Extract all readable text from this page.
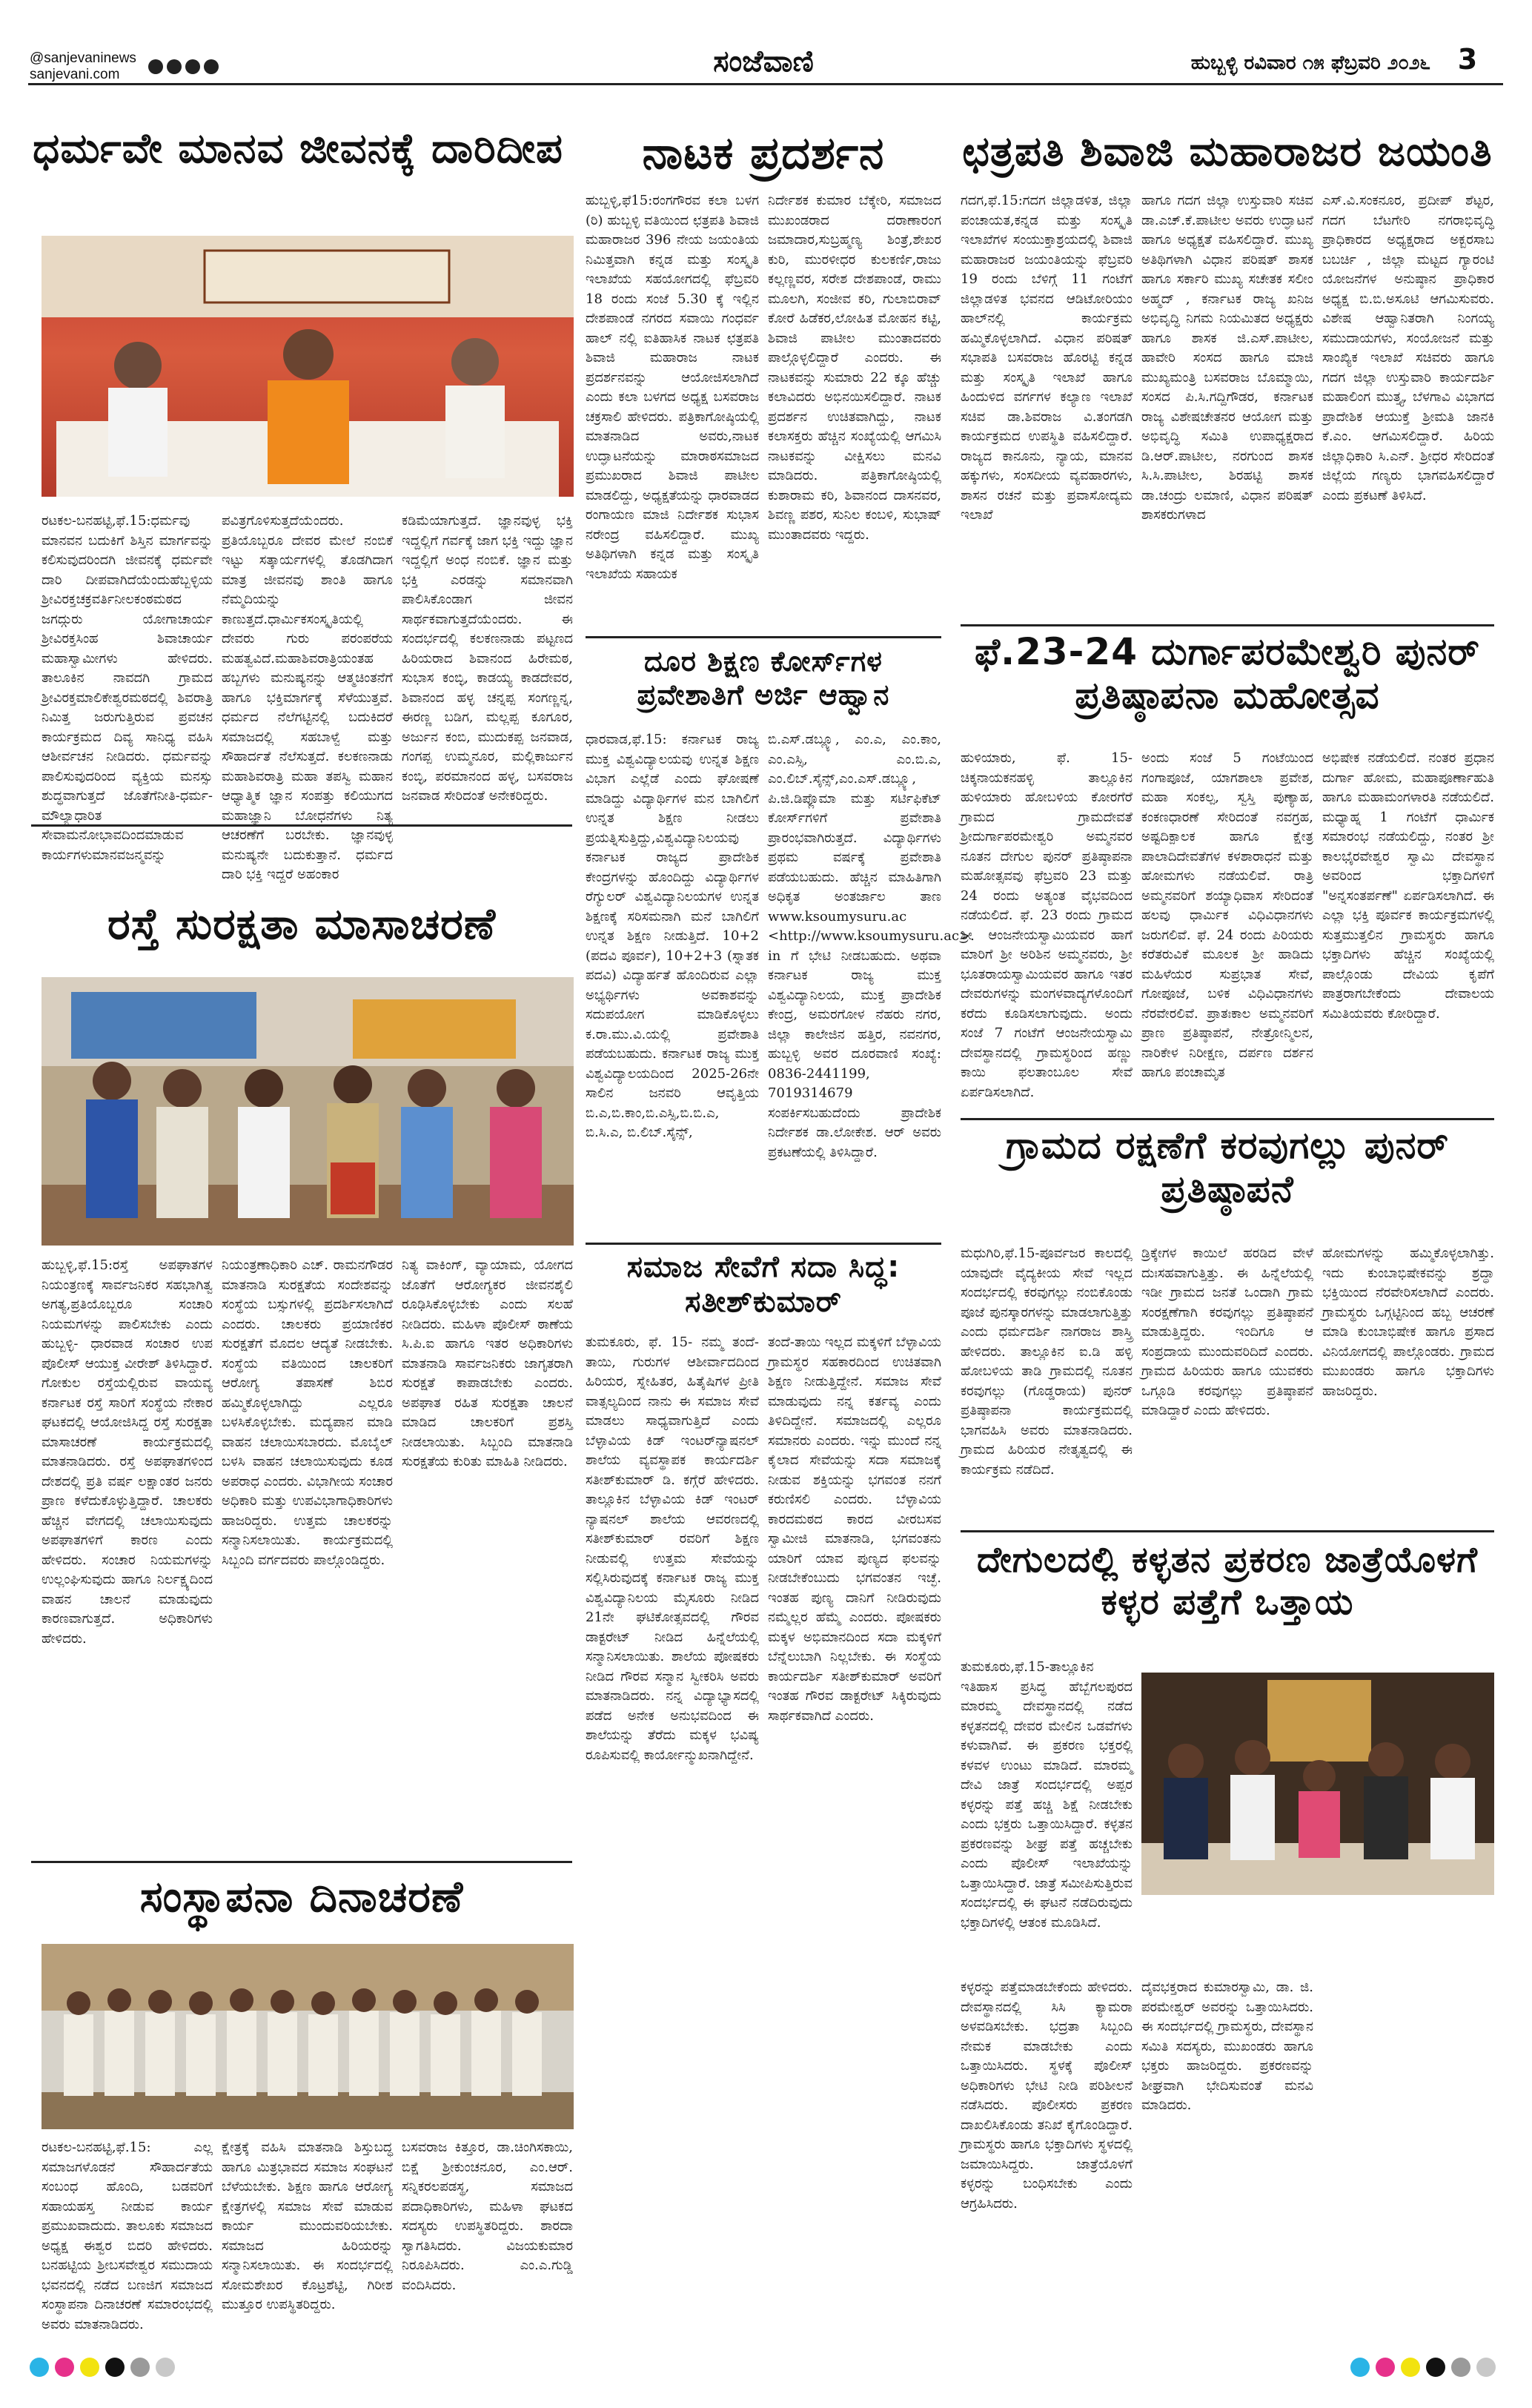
@sanjevaninews
sanjevani.com	ಸಂಜೆವಾಣಿ	ಹುಬ್ಬಳ್ಳಿ ರವಿವಾರ ೧೫ ಫೆಬ್ರವರಿ ೨೦೨೬ 3
ಧರ್ಮವೇ ಮಾನವ ಜೀವನಕ್ಕೆ ದಾರಿದೀಪ
ರಟಕಲ-ಬನಹಟ್ಟಿ,ಫೆ.15:ಧರ್ಮವು ಮಾನವನ ಬದುಕಿಗೆ ಶಿಸ್ತಿನ ಮಾರ್ಗವನ್ನು ಕಲಿಸುವುದರಿಂದಗಿ ಜೀವನಕ್ಕೆ ಧರ್ಮವೇ ದಾರಿ ದೀಪವಾಗಿದೆಯೆಂದುಹೆಬ್ಬಳ್ಳಿಯ ಶ್ರೀವಿರಕ್ತಚಕ್ರವರ್ತಿನೀಲಕಂಠಮಠದ ಜಗದ್ಗುರು ಯೋಗಾಚಾರ್ಯ ಶ್ರೀವಿರಕ್ತಸಿಂಹ ಶಿವಾಚಾರ್ಯ ಮಹಾಸ್ವಾಮೀಗಳು ಹೇಳಿದರು. ತಾಲೂಕಿನ ನಾವದಗಿ ಗ್ರಾಮದ ಶ್ರೀವಿರಕ್ತಮಾಲಿಕೇಶ್ವರಮಠದಲ್ಲಿ ಶಿವರಾತ್ರಿ ನಿಮಿತ್ತ ಜರುಗುತ್ತಿರುವ ಪ್ರವಚನ ಕಾರ್ಯಕ್ರಮದ ದಿವ್ಯ ಸಾನಿಧ್ಯ ವಹಿಸಿ ಆಶೀರ್ವಚನ ನೀಡಿದರು. ಧರ್ಮವನ್ನು ಪಾಲಿಸುವುದರಿಂದ ವ್ಯಕ್ತಿಯ ಮನಸ್ಸು ಶುದ್ಧವಾಗುತ್ತದೆ ಜೊತೆಗೆನೀತಿ-ಧರ್ಮ-ಮೌಲ್ಯಾಧಾರಿತ ಸೇವಾಮನೋಭಾವದಿಂದಮಾಡುವ ಕಾರ್ಯಗಳುಮಾನವಜನ್ಮವನ್ನು
ಪವಿತ್ರಗೊಳಿಸುತ್ತದೆಯೆಂದರು. ಪ್ರತಿಯೊಬ್ಬರೂ ದೇವರ ಮೇಲೆ ನಂಬಿಕೆ ಇಟ್ಟು ಸತ್ಕಾರ್ಯಗಳಲ್ಲಿ ತೊಡಗಿದಾಗ ಮಾತ್ರ ಜೀವನವು ಶಾಂತಿ ಹಾಗೂ ನೆಮ್ಮದಿಯನ್ನು ಕಾಣುತ್ತದೆ.ಧಾರ್ಮಿಕಸಂಸ್ಕೃತಿಯಲ್ಲಿ ದೇವರು ಗುರು ಪರಂಪರೆಯ ಮಹತ್ವವಿದೆ.ಮಹಾಶಿವರಾತ್ರಿಯಂತಹ ಹಬ್ಬಗಳು ಮನುಷ್ಯನನ್ನು ಆತ್ಮಚಿಂತನೆಗೆ ಹಾಗೂ ಭಕ್ತಿಮಾರ್ಗಕ್ಕೆ ಸೆಳೆಯುತ್ತವೆ. ಧರ್ಮದ ನೆಲೆಗಟ್ಟಿನಲ್ಲಿ ಬದುಕಿದರೆ ಸಮಾಜದಲ್ಲಿ ಸಹಬಾಳ್ವೆ ಮತ್ತು ಸೌಹಾರ್ದತೆ ನೆಲೆಸುತ್ತದೆ. ಕಲಕಣನಾಡು ಮಹಾಶಿವರಾತ್ರಿ ಮಹಾ ತಪಸ್ವಿ ಮಹಾನ ಆಧ್ಯಾತ್ಮಿಕ ಜ್ಞಾನ ಸಂಪತ್ತು ಕಲಿಯುಗದ ಮಹಾಜ್ಞಾನಿ ಬೋಧನೆಗಳು ನಿತ್ಯ ಆಚರಣೆಗೆ ಬರಬೇಕು. ಜ್ಞಾನವುಳ್ಳ ಮನುಷ್ಯನೇ ಬದುಕುತ್ತಾನೆ. ಧರ್ಮದ ದಾರಿ ಭಕ್ತಿ ಇದ್ದರೆ ಅಹಂಕಾರ
ಕಡಿಮೆಯಾಗುತ್ತದೆ. ಜ್ಞಾನವುಳ್ಳ ಭಕ್ತಿ ಇದ್ದಲ್ಲಿಗೆ ಗರ್ವಕ್ಕೆ ಜಾಗ ಭಕ್ತಿ ಇದ್ದು ಜ್ಞಾನ ಇದ್ದಲ್ಲಿಗೆ ಅಂಧ ನಂಬಿಕೆ. ಜ್ಞಾನ ಮತ್ತು ಭಕ್ತಿ ಎರಡನ್ನು ಸಮಾನವಾಗಿ ಪಾಲಿಸಿಕೊಂಡಾಗ ಜೀವನ ಸಾರ್ಥಕವಾಗುತ್ತದೆಯೆಂದರು. ಈ ಸಂದರ್ಭದಲ್ಲಿ ಕಲಕಣನಾಡು ಪಟ್ಟಣದ ಹಿರಿಯರಾದ ಶಿವಾನಂದ ಹಿರೇಮಠ, ಸುಭಾಸ ಕಂಬ್ಳಿ, ಕಾಡಯ್ಯ ಕಾಡದೇವರ, ಶಿವಾನಂದ ಹಳ್ಳ ಚನ್ನಪ್ಪ ಸಂಗಣ್ಣನ್ನ, ಈರಣ್ಣ ಬಡಿಗ, ಮಲ್ಲಪ್ಪ ಕೂಗೂರ, ಅರ್ಜುನ ಕಂಬಿ, ಮುದುಕಪ್ಪ ಜನವಾಡ, ಗಂಗಪ್ಪ ಉಮ್ಮನೂರ, ಮಲ್ಲಿಕಾರ್ಜುನ ಕಂಬ್ಳಿ, ಪರಮಾನಂದ ಹಳ್ಳ, ಬಸವರಾಜ ಜನವಾಡ ಸೇರಿದಂತೆ ಅನೇಕರಿದ್ದರು.
ನಾಟಕ ಪ್ರದರ್ಶನ
ಹುಬ್ಬಳ್ಳಿ,ಫೆ15:ರಂಗಗೌರವ ಕಲಾ ಬಳಗ (ರಿ) ಹುಬ್ಬಳ್ಳಿ ವತಿಯಿಂದ ಛತ್ರಪತಿ ಶಿವಾಜಿ ಮಹಾರಾಜರ 396 ನೇಯ ಜಯಂತಿಯ ನಿಮಿತ್ತವಾಗಿ ಕನ್ನಡ ಮತ್ತು ಸಂಸ್ಕೃತಿ ಇಲಾಖೆಯ ಸಹಯೋಗದಲ್ಲಿ ಫೆಬ್ರವರಿ 18 ರಂದು ಸಂಜೆ 5.30 ಕ್ಕೆ ಇಲ್ಲಿನ ದೇಶಪಾಂಡೆ ನಗರದ ಸವಾಯಿ ಗಂಧರ್ವ ಹಾಲ್ ನಲ್ಲಿ ಐತಿಹಾಸಿಕ ನಾಟಕ ಛತ್ರಪತಿ ಶಿವಾಜಿ ಮಹಾರಾಜ ನಾಟಕ ಪ್ರದರ್ಶನವನ್ನು ಆಯೋಜಿಸಲಾಗಿದೆ ಎಂದು ಕಲಾ ಬಳಗದ ಅಧ್ಯಕ್ಷ ಬಸವರಾಜ ಚಕ್ರಸಾಲಿ ಹೇಳಿದರು. ಪತ್ರಿಕಾಗೋಷ್ಠಿಯಲ್ಲಿ ಮಾತನಾಡಿದ ಅವರು,ನಾಟಕ ಉದ್ಘಾಟನೆಯನ್ನು ಮಾರಾಠಸಮಾಜದ ಪ್ರಮುಖರಾದ ಶಿವಾಜಿ ಪಾಟೀಲ ಮಾಡಲಿದ್ದು, ಅಧ್ಯಕ್ಷತೆಯನ್ನು ಧಾರವಾಡದ ರಂಗಾಯಣ ಮಾಜಿ ನಿರ್ದೇಶಕ ಸುಭಾಸ ನರೇಂದ್ರ ವಹಿಸಲಿದ್ದಾರೆ. ಮುಖ್ಯ ಅತಿಥಿಗಳಾಗಿ ಕನ್ನಡ ಮತ್ತು ಸಂಸ್ಕೃತಿ ಇಲಾಖೆಯ ಸಹಾಯಕ
ನಿರ್ದೇಶಕ ಕುಮಾರ ಬೆಕ್ಕೇರಿ, ಸಮಾಜದ ಮುಖಂಡರಾದ ದರಾಣಾರಂಗ ಜಮಾದಾರ,ಸುಬ್ರಹ್ಮಣ್ಯ ಶಿಂತ್ರೆ,ಶೇಖರ ಕುರಿ, ಮುರಳೀಧರ ಕುಲಕರ್ಣಿ,ರಾಜು ಕಲ್ಲಣ್ಣವರ, ಸರೇಶ ದೇಶಪಾಂಡೆ, ರಾಮು ಮೂಲಗಿ, ಸಂಜೀವ ಕರಿ, ಗುಲಾಬಿರಾವ್ ಕೋರೆ ಹಿಡೆಕರ,ಲೋಹಿತ ಮೋಹನ ಕಟ್ಟಿ, ಶಿವಾಜಿ ಪಾಟೀಲ ಮುಂತಾದವರು ಪಾಲ್ಗೊಳ್ಳಲಿದ್ದಾರೆ ಎಂದರು. ಈ ನಾಟಕವನ್ನು ಸುಮಾರು 22 ಕ್ಕೂ ಹೆಚ್ಚು ಕಲಾವಿದರು ಅಭಿನಯಿಸಲಿದ್ದಾರೆ. ನಾಟಕ ಪ್ರದರ್ಶನ ಉಚಿತವಾಗಿದ್ದು, ನಾಟಕ ಕಲಾಸಕ್ತರು ಹೆಚ್ಚಿನ ಸಂಖ್ಯೆಯಲ್ಲಿ ಆಗಮಿಸಿ ನಾಟಕವನ್ನು ವೀಕ್ಷಿಸಲು ಮನವಿ ಮಾಡಿದರು. ಪತ್ರಿಕಾಗೋಷ್ಠಿಯಲ್ಲಿ ಕುಶಾರಾಮ ಕರಿ, ಶಿವಾನಂದ ದಾಸನವರ, ಶಿವಣ್ಣ ಪಶರ, ಸುನಿಲ ಕಂಬಳಿ, ಸುಭಾಷ್ ಮುಂತಾದವರು ಇದ್ದರು.
ಛತ್ರಪತಿ ಶಿವಾಜಿ ಮಹಾರಾಜರ ಜಯಂತಿ
ಗದಗ,ಫೆ.15:ಗದಗ ಜಿಲ್ಲಾಡಳಿತ, ಜಿಲ್ಲಾ ಪಂಚಾಯತ,ಕನ್ನಡ ಮತ್ತು ಸಂಸ್ಕೃತಿ ಇಲಾಖೆಗಳ ಸಂಯುಕ್ತಾಶ್ರಯದಲ್ಲಿ ಶಿವಾಜಿ ಮಹಾರಾಜರ ಜಯಂತಿಯನ್ನು ಫೆಬ್ರವರಿ 19 ರಂದು ಬೆಳಿಗ್ಗೆ 11 ಗಂಟೆಗೆ ಜಿಲ್ಲಾಡಳಿತ ಭವನದ ಆಡಿಟೋರಿಯಂ ಹಾಲ್‌ನಲ್ಲಿ ಕಾರ್ಯಕ್ರಮ ಹಮ್ಮಿಕೊಳ್ಳಲಾಗಿದೆ. ವಿಧಾನ ಪರಿಷತ್ ಸಭಾಪತಿ ಬಸವರಾಜ ಹೊರಟ್ಟಿ ಕನ್ನಡ ಮತ್ತು ಸಂಸ್ಕೃತಿ ಇಲಾಖೆ ಹಾಗೂ ಹಿಂದುಳಿದ ವರ್ಗಗಳ ಕಲ್ಯಾಣ ಇಲಾಖೆ ಸಚಿವ ಡಾ.ಶಿವರಾಜ ವಿ.ತಂಗಡಗಿ ಕಾರ್ಯಕ್ರಮದ ಉಪಸ್ಥಿತಿ ವಹಿಸಲಿದ್ದಾರೆ. ರಾಜ್ಯದ ಕಾನೂನು, ನ್ಯಾಯ, ಮಾನವ ಹಕ್ಕುಗಳು, ಸಂಸದೀಯ ವ್ಯವಹಾರಗಳು, ಶಾಸನ ರಚನೆ ಮತ್ತು ಪ್ರವಾಸೋದ್ಯಮ ಇಲಾಖೆ
ಹಾಗೂ ಗದಗ ಜಿಲ್ಲಾ ಉಸ್ತುವಾರಿ ಸಚಿವ ಡಾ.ಎಚ್.ಕೆ.ಪಾಟೀಲ ಅವರು ಉದ್ಘಾಟನೆ ಹಾಗೂ ಅಧ್ಯಕ್ಷತೆ ವಹಿಸಲಿದ್ದಾರೆ. ಮುಖ್ಯ ಅತಿಥಿಗಳಾಗಿ ವಿಧಾನ ಪರಿಷತ್ ಶಾಸಕ ಹಾಗೂ ಸರ್ಕಾರಿ ಮುಖ್ಯ ಸಚೇತಕ ಸಲೀಂ ಅಹ್ಮದ್ , ಕರ್ನಾಟಕ ರಾಜ್ಯ ಖನಿಜ ಅಭಿವೃದ್ಧಿ ನಿಗಮ ನಿಯಮಿತದ ಅಧ್ಯಕ್ಷರು ಹಾಗೂ ಶಾಸಕ ಜಿ.ಎಸ್.ಪಾಟೀಲ, ಹಾವೇರಿ ಸಂಸದ ಹಾಗೂ ಮಾಜಿ ಮುಖ್ಯಮಂತ್ರಿ ಬಸವರಾಜ ಬೊಮ್ಮಾಯಿ, ಸಂಸದ ಪಿ.ಸಿ.ಗದ್ದಿಗೌಡರ, ಕರ್ನಾಟಕ ರಾಜ್ಯ ವಿಶೇಷಚೇತನರ ಆಯೋಗ ಮತ್ತು ಅಭಿವೃದ್ಧಿ ಸಮಿತಿ ಉಪಾಧ್ಯಕ್ಷರಾದ ಡಿ.ಆರ್.ಪಾಟೀಲ, ನರಗುಂದ ಶಾಸಕ ಸಿ.ಸಿ.ಪಾಟೀಲ, ಶಿರಹಟ್ಟಿ ಶಾಸಕ ಡಾ.ಚಂದ್ರು ಲಮಾಣಿ, ವಿಧಾನ ಪರಿಷತ್ ಶಾಸಕರುಗಳಾದ
ಎಸ್.ವಿ.ಸಂಕನೂರ, ಪ್ರದೀಪ್ ಶೆಟ್ಟರ, ಗದಗ ಬೆಟಗೇರಿ ನಗರಾಭಿವೃದ್ಧಿ ಪ್ರಾಧಿಕಾರದ ಅಧ್ಯಕ್ಷರಾದ ಅಕ್ಬರಸಾಬ ಬಬರ್ಚಿ , ಜಿಲ್ಲಾ ಮಟ್ಟದ ಗ್ಯಾರಂಟಿ ಯೋಜನೆಗಳ ಅನುಷ್ಠಾನ ಪ್ರಾಧಿಕಾರ ಅಧ್ಯಕ್ಷ ಬಿ.ಬಿ.ಅಸೂಟಿ ಆಗಮಿಸುವರು. ವಿಶೇಷ ಆಹ್ವಾನಿತರಾಗಿ ನಿಂಗಯ್ಯ ಸಮುದಾಯಗಳು, ಸಂಯೋಜನೆ ಮತ್ತು ಸಾಂಖ್ಯಿಕ ಇಲಾಖೆ ಸಚಿವರು ಹಾಗೂ ಗದಗ ಜಿಲ್ಲಾ ಉಸ್ತುವಾರಿ ಕಾರ್ಯದರ್ಶಿ ಮಹಾಲಿಂಗ ಮುತ್ತ್ಯ, ಬೆಳಗಾವಿ ವಿಭಾಗದ ಪ್ರಾದೇಶಿಕ ಆಯುಕ್ತೆ ಶ್ರೀಮತಿ ಜಾನಕಿ ಕೆ.ಎಂ. ಆಗಮಿಸಲಿದ್ದಾರೆ. ಹಿರಿಯ ಜಿಲ್ಲಾಧಿಕಾರಿ ಸಿ.ಎನ್. ಶ್ರೀಧರ ಸೇರಿದಂತೆ ಜಿಲ್ಲೆಯ ಗಣ್ಯರು ಭಾಗವಹಿಸಲಿದ್ದಾರೆ ಎಂದು ಪ್ರಕಟಣೆ ತಿಳಿಸಿದೆ.
ದೂರ ಶಿಕ್ಷಣ ಕೋರ್ಸ್‌ಗಳ ಪ್ರವೇಶಾತಿಗೆ ಅರ್ಜಿ ಆಹ್ವಾನ
ಧಾರವಾಡ,ಫೆ.15: ಕರ್ನಾಟಕ ರಾಜ್ಯ ಮುಕ್ತ ವಿಶ್ವವಿದ್ಯಾಲಯವು ಉನ್ನತ ಶಿಕ್ಷಣ ವಿಭಾಗ ಎಲ್ಲೆಡೆ ಎಂದು ಘೋಷಣೆ ಮಾಡಿದ್ದು ವಿದ್ಯಾರ್ಥಿಗಳ ಮನ ಬಾಗಿಲಿಗೆ ಉನ್ನತ ಶಿಕ್ಷಣ ನೀಡಲು ಪ್ರಯತ್ನಿಸುತ್ತಿದ್ದು,ವಿಶ್ವವಿದ್ಯಾನಿಲಯವು ಕರ್ನಾಟಕ ರಾಜ್ಯದ ಪ್ರಾದೇಶಿಕ ಕೇಂದ್ರಗಳನ್ನು ಹೊಂದಿದ್ದು ವಿದ್ಯಾರ್ಥಿಗಳ ರೆಗ್ಯುಲರ್ ವಿಶ್ವವಿದ್ಯಾನಿಲಯಗಳ ಉನ್ನತ ಶಿಕ್ಷಣಕ್ಕೆ ಸರಿಸಮನಾಗಿ ಮನೆ ಬಾಗಿಲಿಗೆ ಉನ್ನತ ಶಿಕ್ಷಣ ನೀಡುತ್ತಿದೆ. 10+2 (ಪದವಿ ಪೂರ್ವ), 10+2+3 (ಸ್ನಾತಕ ಪದವಿ) ವಿದ್ಯಾರ್ಹತೆ ಹೊಂದಿರುವ ಎಲ್ಲಾ ಅಭ್ಯರ್ಥಿಗಳು ಅವಕಾಶವನ್ನು ಸದುಪಯೋಗ ಮಾಡಿಕೊಳ್ಳಲು ಕ.ರಾ.ಮು.ವಿ.ಯಲ್ಲಿ ಪ್ರವೇಶಾತಿ ಪಡೆಯಬಹುದು. ಕರ್ನಾಟಕ ರಾಜ್ಯ ಮುಕ್ತ ವಿಶ್ವವಿದ್ಯಾಲಯದಿಂದ 2025-26ನೇ ಸಾಲಿನ ಜನವರಿ ಆವೃತ್ತಿಯ ಬಿ.ಎ,ಬಿ.ಕಾಂ,ಬಿ.ಎಸ್ಸಿ,ಬಿ.ಬಿ.ಎ, ಬಿ.ಸಿ.ಎ, ಬಿ.ಲಿಬ್.ಸೈನ್ಸ್,
ಬಿ.ಎಸ್.ಡಬ್ಲ್ಯೂ, ಎಂ.ಎ, ಎಂ.ಕಾಂ, ಎಂ.ಎಸ್ಸಿ, ಎಂ.ಬಿ.ಎ, ಎಂ.ಲಿಬ್.ಸೈನ್ಸ್,ಎಂ.ಎಸ್.ಡಬ್ಲ್ಯೂ, ಪಿ.ಜಿ.ಡಿಪ್ಲೊಮಾ ಮತ್ತು ಸರ್ಟಿಫಿಕೆಟ್ ಕೋರ್ಸ್‌ಗಳಿಗೆ ಪ್ರವೇಶಾತಿ ಪ್ರಾರಂಭವಾಗಿರುತ್ತದೆ. ವಿದ್ಯಾರ್ಥಿಗಳು ಪ್ರಥಮ ವರ್ಷಕ್ಕೆ ಪ್ರವೇಶಾತಿ ಪಡೆಯಬಹುದು. ಹೆಚ್ಚಿನ ಮಾಹಿತಿಗಾಗಿ ಅಧಿಕೃತ ಅಂತರ್ಜಾಲ ತಾಣ www.ksoumysuru.ac <http://www.ksoumysuru.ac>. in ಗೆ ಭೇಟಿ ನೀಡಬಹುದು. ಅಥವಾ ಕರ್ನಾಟಕ ರಾಜ್ಯ ಮುಕ್ತ ವಿಶ್ವವಿದ್ಯಾನಿಲಯ, ಮುಕ್ತ ಪ್ರಾದೇಶಿಕ ಕೇಂದ್ರ, ಅಮರಗೋಳ ನೆಹರು ನಗರ, ಜಿಲ್ಲಾ ಕಾಲೇಜಿನ ಹತ್ತಿರ, ನವನಗರ, ಹುಬ್ಬಳ್ಳಿ ಅವರ ದೂರವಾಣಿ ಸಂಖ್ಯೆ: 0836-2441199, 7019314679 ಸಂಪರ್ಕಿಸಬಹುದೆಂದು ಪ್ರಾದೇಶಿಕ ನಿರ್ದೇಶಕ ಡಾ.ಲೋಕೇಶ. ಆರ್ ಅವರು ಪ್ರಕಟಣೆಯಲ್ಲಿ ತಿಳಿಸಿದ್ದಾರೆ.
ಫೆ.23-24 ದುರ್ಗಾಪರಮೇಶ್ವರಿ ಪುನರ್ ಪ್ರತಿಷ್ಠಾಪನಾ ಮಹೋತ್ಸವ
ಹುಳಿಯಾರು, ಫೆ. 15-ಚಿಕ್ಕನಾಯಕನಹಳ್ಳಿ ತಾಲ್ಲೂಕಿನ ಹುಳಿಯಾರು ಹೋಬಳಿಯ ಕೋರಗೆರೆ ಗ್ರಾಮದ ಗ್ರಾಮದೇವತೆ ಶ್ರೀದುರ್ಗಾಪರಮೇಶ್ವರಿ ಅಮ್ಮನವರ ನೂತನ ದೇಗುಲ ಪುನರ್ ಪ್ರತಿಷ್ಠಾಪನಾ ಮಹೋತ್ಸವವು ಫೆಬ್ರವರಿ 23 ಮತ್ತು 24 ರಂದು ಅತ್ಯಂತ ವೈಭವದಿಂದ ನಡೆಯಲಿದೆ. ಫೆ. 23 ರಂದು ಗ್ರಾಮದ ಶ್ರೀ ಆಂಜನೇಯಸ್ವಾಮಿಯವರ ಹಾಗೆ ಮಾರಿಗೆ ಶ್ರೀ ಅರಿಶಿನ ಅಮ್ಮನವರು, ಶ್ರೀ ಭೂತರಾಯಸ್ವಾಮಿಯವರ ಹಾಗೂ ಇತರ ದೇವರುಗಳನ್ನು ಮಂಗಳವಾದ್ಯಗಳೊಂದಿಗೆ ಕರೆದು ಕೂಡಿಸಲಾಗುವುದು. ಅಂದು ಸಂಜೆ 7 ಗಂಟೆಗೆ ಆಂಜನೇಯಸ್ವಾಮಿ ದೇವಸ್ಥಾನದಲ್ಲಿ ಗ್ರಾಮಸ್ಥರಿಂದ ಹಣ್ಣು ಕಾಯಿ ಫಲತಾಂಬೂಲ ಸೇವೆ ಏರ್ಪಡಿಸಲಾಗಿದೆ.
ಅಂದು ಸಂಜೆ 5 ಗಂಟೆಯಿಂದ ಗಂಗಾಪೂಜೆ, ಯಾಗಶಾಲಾ ಪ್ರವೇಶ, ಮಹಾ ಸಂಕಲ್ಪ, ಸ್ವಸ್ತಿ ಪುಣ್ಯಾಹ, ಕಂಕಣಧಾರಣೆ ಸೇರಿದಂತೆ ನವಗ್ರಹ, ಅಷ್ಟದಿಕ್ಪಾಲಕ ಹಾಗೂ ಕ್ಷೇತ್ರ ಪಾಲಾದಿದೇವತೆಗಳ ಕಳಶಾರಾಧನೆ ಮತ್ತು ಹೋಮಗಳು ನಡೆಯಲಿವೆ. ರಾತ್ರಿ ಅಮ್ಮನವರಿಗೆ ಶಯ್ಯಾಧಿವಾಸ ಸೇರಿದಂತೆ ಹಲವು ಧಾರ್ಮಿಕ ವಿಧಿವಿಧಾನಗಳು ಜರುಗಲಿವೆ. ಫೆ. 24 ರಂದು ಪಿರಿಯರು ಕರೆತರುವಿಕೆ ಮೂಲಕ ಶ್ರೀ ಹಾಡಿದು ಮಹಿಳೆಯರ ಸುಪ್ರಭಾತ ಸೇವೆ, ಗೋಪೂಜೆ, ಬಳಿಕ ವಿಧಿವಿಧಾನಗಳು ನೆರವೇರಲಿವೆ. ಪ್ರಾತಃಕಾಲ ಅಮ್ಮನವರಿಗೆ ಪ್ರಾಣ ಪ್ರತಿಷ್ಠಾಪನೆ, ನೇತ್ರೋನ್ಮಿಲನ, ನಾರಿಕೇಳ ನಿರೀಕ್ಷಣ, ದರ್ಪಣ ದರ್ಶನ ಹಾಗೂ ಪಂಚಾಮೃತ
ಅಭಿಷೇಕ ನಡೆಯಲಿದೆ. ನಂತರ ಪ್ರಧಾನ ದುರ್ಗಾ ಹೋಮ, ಮಹಾಪೂರ್ಣಾಹುತಿ ಹಾಗೂ ಮಹಾಮಂಗಳಾರತಿ ನಡೆಯಲಿದೆ. ಮಧ್ಯಾಹ್ನ 1 ಗಂಟೆಗೆ ಧಾರ್ಮಿಕ ಸಮಾರಂಭ ನಡೆಯಲಿದ್ದು, ನಂತರ ಶ್ರೀ ಕಾಲಭೈರವೇಶ್ವರ ಸ್ವಾಮಿ ದೇವಸ್ಥಾನ ಅವರಿಂದ ಭಕ್ತಾದಿಗಳಿಗೆ "ಅನ್ನಸಂತರ್ಪಣೆ" ಏರ್ಪಡಿಸಲಾಗಿದೆ. ಈ ಎಲ್ಲಾ ಭಕ್ತಿ ಪೂರ್ವಕ ಕಾರ್ಯಕ್ರಮಗಳಲ್ಲಿ ಸುತ್ತಮುತ್ತಲಿನ ಗ್ರಾಮಸ್ಥರು ಹಾಗೂ ಭಕ್ತಾದಿಗಳು ಹೆಚ್ಚಿನ ಸಂಖ್ಯೆಯಲ್ಲಿ ಪಾಲ್ಗೊಂಡು ದೇವಿಯ ಕೃಪೆಗೆ ಪಾತ್ರರಾಗಬೇಕೆಂದು ದೇವಾಲಯ ಸಮಿತಿಯವರು ಕೋರಿದ್ದಾರೆ.
ರಸ್ತೆ ಸುರಕ್ಷತಾ ಮಾಸಾಚರಣೆ
ಹುಬ್ಬಳ್ಳಿ,ಫೆ.15:ರಸ್ತೆ ಅಪಘಾತಗಳ ನಿಯಂತ್ರಣಕ್ಕೆ ಸಾರ್ವಜನಿಕರ ಸಹಭಾಗಿತ್ವ ಅಗತ್ಯ,ಪ್ರತಿಯೊಬ್ಬರೂ ಸಂಚಾರಿ ನಿಯಮಗಳನ್ನು ಪಾಲಿಸಬೇಕು ಎಂದು ಹುಬ್ಬಳ್ಳಿ- ಧಾರವಾಡ ಸಂಚಾರ ಉಪ ಪೊಲೀಸ್ ಆಯುಕ್ತ ವೀರೇಶ್ ತಿಳಿಸಿದ್ದಾರೆ. ಗೋಕುಲ ರಸ್ತೆಯಲ್ಲಿರುವ ವಾಯವ್ಯ ಕರ್ನಾಟಕ ರಸ್ತೆ ಸಾರಿಗೆ ಸಂಸ್ಥೆಯ ನೇಕಾರ ಘಟಕದಲ್ಲಿ ಆಯೋಜಿಸಿದ್ದ ರಸ್ತೆ ಸುರಕ್ಷತಾ ಮಾಸಾಚರಣೆ ಕಾರ್ಯಕ್ರಮದಲ್ಲಿ ಮಾತನಾಡಿದರು. ರಸ್ತೆ ಅಪಘಾತಗಳಿಂದ ದೇಶದಲ್ಲಿ ಪ್ರತಿ ವರ್ಷ ಲಕ್ಷಾಂತರ ಜನರು ಪ್ರಾಣ ಕಳೆದುಕೊಳ್ಳುತ್ತಿದ್ದಾರೆ. ಚಾಲಕರು ಹೆಚ್ಚಿನ ವೇಗದಲ್ಲಿ ಚಲಾಯಿಸುವುದು ಅಪಘಾತಗಳಿಗೆ ಕಾರಣ ಎಂದು ಹೇಳಿದರು. ಸಂಚಾರ ನಿಯಮಗಳನ್ನು ಉಲ್ಲಂಘಿಸುವುದು ಹಾಗೂ ನಿರ್ಲಕ್ಷ್ಯದಿಂದ ವಾಹನ ಚಾಲನೆ ಮಾಡುವುದು ಕಾರಣವಾಗುತ್ತದೆ. ಅಧಿಕಾರಿಗಳು ಹೇಳಿದರು.
ನಿಯಂತ್ರಣಾಧಿಕಾರಿ ಎಚ್. ರಾಮನಗೌಡರ ಮಾತನಾಡಿ ಸುರಕ್ಷತೆಯ ಸಂದೇಶವನ್ನು ಸಂಸ್ಥೆಯ ಬಸ್ಸುಗಳಲ್ಲಿ ಪ್ರದರ್ಶಿಸಲಾಗಿದೆ ಎಂದರು. ಚಾಲಕರು ಪ್ರಯಾಣಿಕರ ಸುರಕ್ಷತೆಗೆ ಮೊದಲ ಆದ್ಯತೆ ನೀಡಬೇಕು. ಸಂಸ್ಥೆಯ ವತಿಯಿಂದ ಚಾಲಕರಿಗೆ ಆರೋಗ್ಯ ತಪಾಸಣೆ ಶಿಬಿರ ಹಮ್ಮಿಕೊಳ್ಳಲಾಗಿದ್ದು ಎಲ್ಲರೂ ಬಳಸಿಕೊಳ್ಳಬೇಕು. ಮದ್ಯಪಾನ ಮಾಡಿ ವಾಹನ ಚಲಾಯಿಸಬಾರದು. ಮೊಬೈಲ್ ಬಳಸಿ ವಾಹನ ಚಲಾಯಿಸುವುದು ಕೂಡ ಅಪರಾಧ ಎಂದರು. ವಿಭಾಗೀಯ ಸಂಚಾರ ಅಧಿಕಾರಿ ಮತ್ತು ಉಪವಿಭಾಗಾಧಿಕಾರಿಗಳು ಹಾಜರಿದ್ದರು. ಉತ್ತಮ ಚಾಲಕರನ್ನು ಸನ್ಮಾನಿಸಲಾಯಿತು. ಕಾರ್ಯಕ್ರಮದಲ್ಲಿ ಸಿಬ್ಬಂದಿ ವರ್ಗದವರು ಪಾಲ್ಗೊಂಡಿದ್ದರು.
ನಿತ್ಯ ವಾಕಿಂಗ್, ವ್ಯಾಯಾಮ, ಯೋಗದ ಜೊತೆಗೆ ಆರೋಗ್ಯಕರ ಜೀವನಶೈಲಿ ರೂಢಿಸಿಕೊಳ್ಳಬೇಕು ಎಂದು ಸಲಹೆ ನೀಡಿದರು. ಮಹಿಳಾ ಪೊಲೀಸ್ ಠಾಣೆಯ ಸಿ.ಪಿ.ಐ ಹಾಗೂ ಇತರ ಅಧಿಕಾರಿಗಳು ಮಾತನಾಡಿ ಸಾರ್ವಜನಿಕರು ಜಾಗೃತರಾಗಿ ಸುರಕ್ಷತೆ ಕಾಪಾಡಬೇಕು ಎಂದರು. ಅಪಘಾತ ರಹಿತ ಸುರಕ್ಷತಾ ಚಾಲನೆ ಮಾಡಿದ ಚಾಲಕರಿಗೆ ಪ್ರಶಸ್ತಿ ನೀಡಲಾಯಿತು. ಸಿಬ್ಬಂದಿ ಮಾತನಾಡಿ ಸುರಕ್ಷತೆಯ ಕುರಿತು ಮಾಹಿತಿ ನೀಡಿದರು.
ಸಮಾಜ ಸೇವೆಗೆ ಸದಾ ಸಿದ್ಧ: ಸತೀಶ್‌ಕುಮಾರ್
ತುಮಕೂರು, ಫೆ. 15- ನಮ್ಮ ತಂದೆ-ತಾಯಿ, ಗುರುಗಳ ಆಶೀರ್ವಾದದಿಂದ ಹಿರಿಯರ, ಸ್ನೇಹಿತರ, ಹಿತೈಷಿಗಳ ಪ್ರೀತಿ ವಾತ್ಸಲ್ಯದಿಂದ ನಾನು ಈ ಸಮಾಜ ಸೇವೆ ಮಾಡಲು ಸಾಧ್ಯವಾಗುತ್ತಿದೆ ಎಂದು ಬೆಳ್ಳಾವಿಯ ಕಿಡ್ ಇಂಟರ್‌ನ್ಯಾಷನಲ್ ಶಾಲೆಯ ವ್ಯವಸ್ಥಾಪಕ ಕಾರ್ಯದರ್ಶಿ ಸತೀಶ್‌ಕುಮಾರ್ ಡಿ. ಕಗ್ಗೆರೆ ಹೇಳಿದರು. ತಾಲ್ಲೂಕಿನ ಬೆಳ್ಳಾವಿಯ ಕಿಡ್ ಇಂಟರ್ ನ್ಯಾಷನಲ್ ಶಾಲೆಯ ಆವರಣದಲ್ಲಿ ಸತೀಶ್‌ಕುಮಾರ್ ರವರಿಗೆ ಶಿಕ್ಷಣ ನೀಡುವಲ್ಲಿ ಉತ್ತಮ ಸೇವೆಯನ್ನು ಸಲ್ಲಿಸಿರುವುದಕ್ಕೆ ಕರ್ನಾಟಕ ರಾಜ್ಯ ಮುಕ್ತ ವಿಶ್ವವಿದ್ಯಾನಿಲಯ ಮೈಸೂರು ನೀಡಿದ 21ನೇ ಘಟಿಕೋತ್ಸವದಲ್ಲಿ ಗೌರವ ಡಾಕ್ಟರೇಟ್ ನೀಡಿದ ಹಿನ್ನೆಲೆಯಲ್ಲಿ ಸನ್ಮಾನಿಸಲಾಯಿತು. ಶಾಲೆಯ ಪೋಷಕರು ನೀಡಿದ ಗೌರವ ಸನ್ಮಾನ ಸ್ವೀಕರಿಸಿ ಅವರು ಮಾತನಾಡಿದರು. ನನ್ನ ವಿದ್ಯಾಭ್ಯಾಸದಲ್ಲಿ ಪಡೆದ ಅನೇಕ ಅನುಭವದಿಂದ ಈ ಶಾಲೆಯನ್ನು ತೆರೆದು ಮಕ್ಕಳ ಭವಿಷ್ಯ ರೂಪಿಸುವಲ್ಲಿ ಕಾರ್ಯೋನ್ಮುಖನಾಗಿದ್ದೇನೆ.
ತಂದೆ-ತಾಯಿ ಇಲ್ಲದ ಮಕ್ಕಳಿಗೆ ಬೆಳ್ಳಾವಿಯ ಗ್ರಾಮಸ್ಥರ ಸಹಕಾರದಿಂದ ಉಚಿತವಾಗಿ ಶಿಕ್ಷಣ ನೀಡುತ್ತಿದ್ದೇನೆ. ಸಮಾಜ ಸೇವೆ ಮಾಡುವುದು ನನ್ನ ಕರ್ತವ್ಯ ಎಂದು ತಿಳಿದಿದ್ದೇನೆ. ಸಮಾಜದಲ್ಲಿ ಎಲ್ಲರೂ ಸಮಾನರು ಎಂದರು. ಇನ್ನು ಮುಂದೆ ನನ್ನ ಕೈಲಾದ ಸೇವೆಯನ್ನು ಸದಾ ಸಮಾಜಕ್ಕೆ ನೀಡುವ ಶಕ್ತಿಯನ್ನು ಭಗವಂತ ನನಗೆ ಕರುಣಿಸಲಿ ಎಂದರು. ಬೆಳ್ಳಾವಿಯ ಕಾರದಮಠದ ಕಾರದ ವೀರಬಸವ ಸ್ವಾಮೀಜಿ ಮಾತನಾಡಿ, ಭಗವಂತನು ಯಾರಿಗೆ ಯಾವ ಪುಣ್ಯದ ಫಲವನ್ನು ನೀಡಬೇಕೆಂಬುದು ಭಗವಂತನ ಇಚ್ಛೆ. ಇಂತಹ ಪುಣ್ಯ ದಾನಿಗೆ ನೀಡಿರುವುದು ನಮ್ಮೆಲ್ಲರ ಹೆಮ್ಮೆ ಎಂದರು. ಪೋಷಕರು ಮಕ್ಕಳ ಅಭಿಮಾನದಿಂದ ಸದಾ ಮಕ್ಕಳಿಗೆ ಬೆನ್ನೆಲುಬಾಗಿ ನಿಲ್ಲಬೇಕು. ಈ ಸಂಸ್ಥೆಯ ಕಾರ್ಯದರ್ಶಿ ಸತೀಶ್‌ಕುಮಾರ್ ಅವರಿಗೆ ಇಂತಹ ಗೌರವ ಡಾಕ್ಟರೇಟ್ ಸಿಕ್ಕಿರುವುದು ಸಾರ್ಥಕವಾಗಿದೆ ಎಂದರು.
ಗ್ರಾಮದ ರಕ್ಷಣೆಗೆ ಕರವುಗಲ್ಲು ಪುನರ್ ಪ್ರತಿಷ್ಠಾಪನೆ
ಮಧುಗಿರಿ,ಫೆ.15-ಪೂರ್ವಜರ ಕಾಲದಲ್ಲಿ ಯಾವುದೇ ವೈದ್ಯಕೀಯ ಸೇವೆ ಇಲ್ಲದ ಸಂದರ್ಭದಲ್ಲಿ ಕರವುಗಲ್ಲು ನಂಬಿಕೊಂಡು ಪೂಜೆ ಪುನಸ್ಕಾರಗಳನ್ನು ಮಾಡಲಾಗುತ್ತಿತ್ತು ಎಂದು ಧರ್ಮದರ್ಶಿ ನಾಗರಾಜ ಶಾಸ್ತ್ರಿ ಹೇಳಿದರು. ತಾಲ್ಲೂಕಿನ ಐ.ಡಿ ಹಳ್ಳಿ ಹೋಬಳಿಯ ತಾಡಿ ಗ್ರಾಮದಲ್ಲಿ ನೂತನ ಕರವುಗಲ್ಲು (ಗೊಡ್ಡರಾಯ) ಪುನರ್ ಪ್ರತಿಷ್ಠಾಪನಾ ಕಾರ್ಯಕ್ರಮದಲ್ಲಿ ಭಾಗವಹಿಸಿ ಅವರು ಮಾತನಾಡಿದರು. ಗ್ರಾಮದ ಹಿರಿಯರ ನೇತೃತ್ವದಲ್ಲಿ ಈ ಕಾರ್ಯಕ್ರಮ ನಡೆದಿದೆ.
ಡ್ರಿಕ್ಕೇಗಳ ಕಾಯಿಲೆ ಹರಡಿದ ವೇಳೆ ದುಃಸಹವಾಗುತ್ತಿತ್ತು. ಈ ಹಿನ್ನೆಲೆಯಲ್ಲಿ ಇಡೀ ಗ್ರಾಮದ ಜನತೆ ಒಂದಾಗಿ ಗ್ರಾಮ ಸಂರಕ್ಷಣೆಗಾಗಿ ಕರವುಗಲ್ಲು ಪ್ರತಿಷ್ಠಾಪನೆ ಮಾಡುತ್ತಿದ್ದರು. ಇಂದಿಗೂ ಆ ಸಂಪ್ರದಾಯ ಮುಂದುವರಿದಿದೆ ಎಂದರು. ಗ್ರಾಮದ ಹಿರಿಯರು ಹಾಗೂ ಯುವಕರು ಒಗ್ಗೂಡಿ ಕರವುಗಲ್ಲು ಪ್ರತಿಷ್ಠಾಪನೆ ಮಾಡಿದ್ದಾರೆ ಎಂದು ಹೇಳಿದರು.
ಹೋಮಗಳನ್ನು ಹಮ್ಮಿಕೊಳ್ಳಲಾಗಿತ್ತು. ಇದು ಕುಂಬಾಭಿಷೇಕವನ್ನು ಶ್ರದ್ಧಾ ಭಕ್ತಿಯಿಂದ ನೆರವೇರಿಸಲಾಗಿದೆ ಎಂದರು. ಗ್ರಾಮಸ್ಥರು ಒಗ್ಗಟ್ಟಿನಿಂದ ಹಬ್ಬ ಆಚರಣೆ ಮಾಡಿ ಕುಂಬಾಭಿಷೇಕ ಹಾಗೂ ಪ್ರಸಾದ ವಿನಿಯೋಗದಲ್ಲಿ ಪಾಲ್ಗೊಂಡರು. ಗ್ರಾಮದ ಮುಖಂಡರು ಹಾಗೂ ಭಕ್ತಾದಿಗಳು ಹಾಜರಿದ್ದರು.
ದೇಗುಲದಲ್ಲಿ ಕಳ್ಳತನ ಪ್ರಕರಣ ಜಾತ್ರೆಯೊಳಗೆ ಕಳ್ಳರ ಪತ್ತೆಗೆ ಒತ್ತಾಯ
ತುಮಕೂರು,ಫೆ.15-ತಾಲ್ಲೂಕಿನ ಇತಿಹಾಸ ಪ್ರಸಿದ್ಧ ಹೆಬ್ಬೆಗಲಪುರದ ಮಾರಮ್ಮ ದೇವಸ್ಥಾನದಲ್ಲಿ ನಡೆದ ಕಳ್ಳತನದಲ್ಲಿ ದೇವರ ಮೇಲಿನ ಒಡವೆಗಳು ಕಳುವಾಗಿವೆ. ಈ ಪ್ರಕರಣ ಭಕ್ತರಲ್ಲಿ ಕಳವಳ ಉಂಟು ಮಾಡಿದೆ. ಮಾರಮ್ಮ ದೇವಿ ಜಾತ್ರೆ ಸಂದರ್ಭದಲ್ಲಿ ಅಪ್ಪರ ಕಳ್ಳರನ್ನು ಪತ್ತೆ ಹಚ್ಚಿ ಶಿಕ್ಷೆ ನೀಡಬೇಕು ಎಂದು ಭಕ್ತರು ಒತ್ತಾಯಿಸಿದ್ದಾರೆ. ಕಳ್ಳತನ ಪ್ರಕರಣವನ್ನು ಶೀಘ್ರ ಪತ್ತೆ ಹಚ್ಚಬೇಕು ಎಂದು ಪೊಲೀಸ್ ಇಲಾಖೆಯನ್ನು ಒತ್ತಾಯಿಸಿದ್ದಾರೆ. ಜಾತ್ರೆ ಸಮೀಪಿಸುತ್ತಿರುವ ಸಂದರ್ಭದಲ್ಲಿ ಈ ಘಟನೆ ನಡೆದಿರುವುದು ಭಕ್ತಾದಿಗಳಲ್ಲಿ ಆತಂಕ ಮೂಡಿಸಿದೆ.
ಕಳ್ಳರನ್ನು ಪತ್ತೆಮಾಡಬೇಕೆಂದು ಹೇಳಿದರು. ದೇವಸ್ಥಾನದಲ್ಲಿ ಸಿಸಿ ಕ್ಯಾಮರಾ ಅಳವಡಿಸಬೇಕು. ಭದ್ರತಾ ಸಿಬ್ಬಂದಿ ನೇಮಕ ಮಾಡಬೇಕು ಎಂದು ಒತ್ತಾಯಿಸಿದರು. ಸ್ಥಳಕ್ಕೆ ಪೊಲೀಸ್ ಅಧಿಕಾರಿಗಳು ಭೇಟಿ ನೀಡಿ ಪರಿಶೀಲನೆ ನಡೆಸಿದರು. ಪೊಲೀಸರು ಪ್ರಕರಣ ದಾಖಲಿಸಿಕೊಂಡು ತನಿಖೆ ಕೈಗೊಂಡಿದ್ದಾರೆ. ಗ್ರಾಮಸ್ಥರು ಹಾಗೂ ಭಕ್ತಾದಿಗಳು ಸ್ಥಳದಲ್ಲಿ ಜಮಾಯಿಸಿದ್ದರು. ಜಾತ್ರೆಯೊಳಗೆ ಕಳ್ಳರನ್ನು ಬಂಧಿಸಬೇಕು ಎಂದು ಆಗ್ರಹಿಸಿದರು.
ದೈವಭಕ್ತರಾದ ಕುಮಾರಸ್ವಾಮಿ, ಡಾ. ಜಿ. ಪರಮೇಶ್ವರ್ ಅವರನ್ನು ಒತ್ತಾಯಿಸಿದರು. ಈ ಸಂದರ್ಭದಲ್ಲಿ ಗ್ರಾಮಸ್ಥರು, ದೇವಸ್ಥಾನ ಸಮಿತಿ ಸದಸ್ಯರು, ಮುಖಂಡರು ಹಾಗೂ ಭಕ್ತರು ಹಾಜರಿದ್ದರು. ಪ್ರಕರಣವನ್ನು ಶೀಘ್ರವಾಗಿ ಭೇದಿಸುವಂತೆ ಮನವಿ ಮಾಡಿದರು.
ಸಂಸ್ಥಾಪನಾ ದಿನಾಚರಣೆ
ರಟಕಲ-ಬನಹಟ್ಟಿ,ಫೆ.15: ಎಲ್ಲ ಸಮಾಜಗಳೊಡನೆ ಸೌಹಾರ್ದತೆಯ ಸಂಬಂಧ ಹೊಂದಿ, ಬಡವರಿಗೆ ಸಹಾಯಹಸ್ತ ನೀಡುವ ಕಾರ್ಯ ಪ್ರಮುಖವಾದುದು. ತಾಲೂಕು ಸಮಾಜದ ಅಧ್ಯಕ್ಷ ಈಶ್ವರ ಬಿದರಿ ಹೇಳಿದರು. ಬನಹಟ್ಟಿಯ ಶ್ರೀಬಸವೇಶ್ವರ ಸಮುದಾಯ ಭವನದಲ್ಲಿ ನಡೆದ ಬಣಜಿಗ ಸಮಾಜದ ಸಂಸ್ಥಾಪನಾ ದಿನಾಚರಣೆ ಸಮಾರಂಭದಲ್ಲಿ ಅವರು ಮಾತನಾಡಿದರು.
ಕ್ಷೇತ್ರಕ್ಕೆ ವಹಿಸಿ ಮಾತನಾಡಿ ಶಿಸ್ತುಬದ್ಧ ಹಾಗೂ ಮಿತ್ರಭಾವದ ಸಮಾಜ ಸಂಘಟನೆ ಬೆಳೆಯಬೇಕು. ಶಿಕ್ಷಣ ಹಾಗೂ ಆರೋಗ್ಯ ಕ್ಷೇತ್ರಗಳಲ್ಲಿ ಸಮಾಜ ಸೇವೆ ಮಾಡುವ ಕಾರ್ಯ ಮುಂದುವರಿಯಬೇಕು. ಸಮಾಜದ ಹಿರಿಯರನ್ನು ಸನ್ಮಾನಿಸಲಾಯಿತು. ಈ ಸಂದರ್ಭದಲ್ಲಿ ಸೋಮಶೇಖರ ಕೊಟ್ರಶೆಟ್ಟಿ, ಗಿರೀಶ ಮುತ್ತೂರ ಉಪಸ್ಥಿತರಿದ್ದರು.
ಬಸವರಾಜ ಕಿತ್ತೂರ, ಡಾ.ಚಿಂಗಿಸಕಾಯಿ, ಬಿಕ್ಷೆ ಶ್ರೀಕುಂಚನೂರ, ಎಂ.ಆರ್. ಸನ್ನಿಕರಲಪಡಸ್ಥ, ಸಮಾಜದ ಪದಾಧಿಕಾರಿಗಳು, ಮಹಿಳಾ ಘಟಕದ ಸದಸ್ಯರು ಉಪಸ್ಥಿತರಿದ್ದರು. ಶಾರದಾ ಸ್ವಾಗತಿಸಿದರು. ವಿಜಯಕುಮಾರ ನಿರೂಪಿಸಿದರು. ಎಂ.ಎ.ಗುಡ್ಡಿ ವಂದಿಸಿದರು.
